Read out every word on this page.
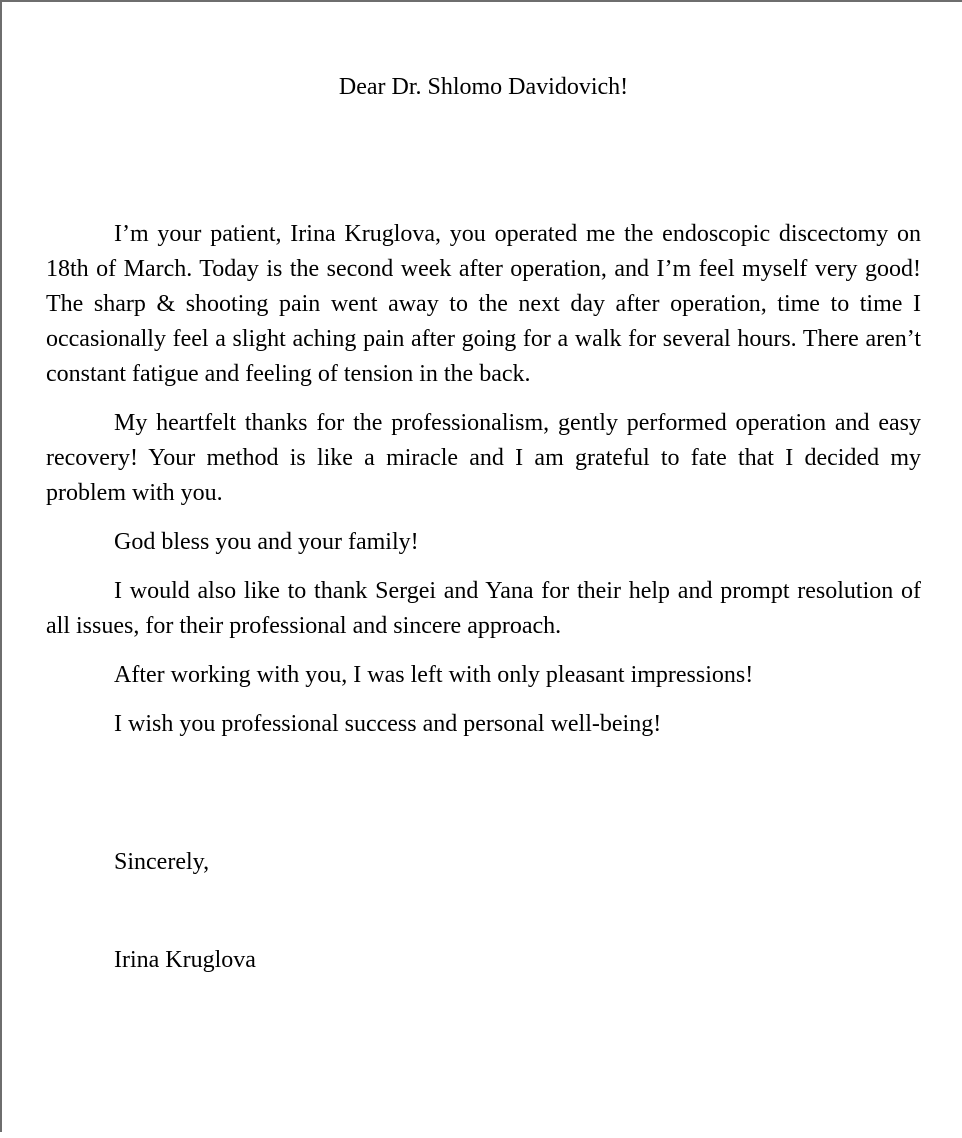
Dear Dr. Shlomo Davidovich!

I’m your patient, Irina Kruglova, you operated me the endoscopic discectomy on 18th of March. Today is the second week after operation, and I’m feel myself very good! The sharp & shooting pain went away to the next day after operation, time to time I occasionally feel a slight aching pain after going for a walk for several hours. There aren’t constant fatigue and feeling of tension in the back.

My heartfelt thanks for the professionalism, gently performed operation and easy recovery! Your method is like a miracle and I am grateful to fate that I decided my problem with you.

God bless you and your family!

I would also like to thank Sergei and Yana for their help and prompt resolution of all issues, for their professional and sincere approach.

After working with you, I was left with only pleasant impressions!

I wish you professional success and personal well-being!

Sincerely,
Irina Kruglova
